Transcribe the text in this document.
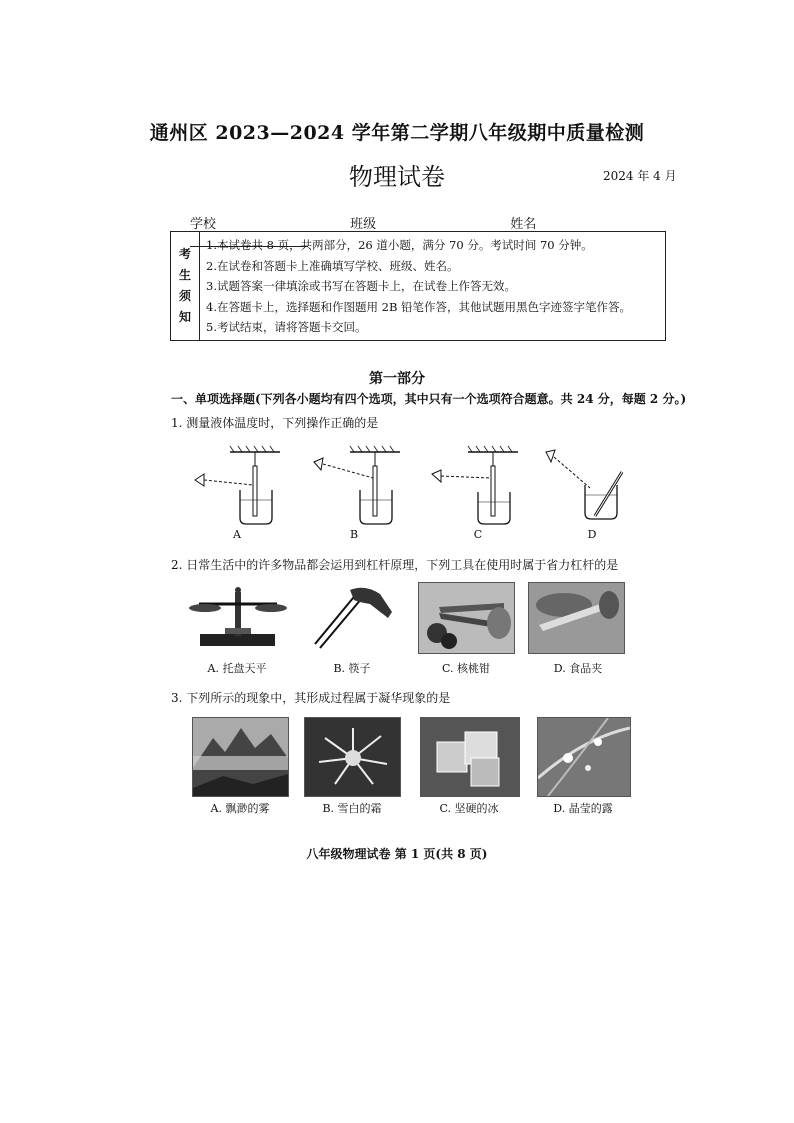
通州区 2023—2024 学年第二学期八年级期中质量检测
物理试卷	2024 年 4 月
学校	班级	姓名
考
生
须
知
1.本试卷共 8 页，共两部分，26 道小题，满分 70 分。考试时间 70 分钟。
2.在试卷和答题卡上准确填写学校、班级、姓名。
3.试题答案一律填涂或书写在答题卡上，在试卷上作答无效。
4.在答题卡上，选择题和作图题用 2B 铅笔作答，其他试题用黑色字迹签字笔作答。
5.考试结束，请将答题卡交回。
第一部分
一、单项选择题(下列各小题均有四个选项，其中只有一个选项符合题意。共 24 分，每题 2 分。)
1. 测量液体温度时，下列操作正确的是
A	B	C	D
2. 日常生活中的许多物品都会运用到杠杆原理，下列工具在使用时属于省力杠杆的是
A. 托盘天平	B. 筷子	C. 核桃钳	D. 食品夹
3. 下列所示的现象中，其形成过程属于凝华现象的是
A. 飘渺的雾	B. 雪白的霜	C. 坚硬的冰	D. 晶莹的露
八年级物理试卷 第 1 页(共 8 页)
